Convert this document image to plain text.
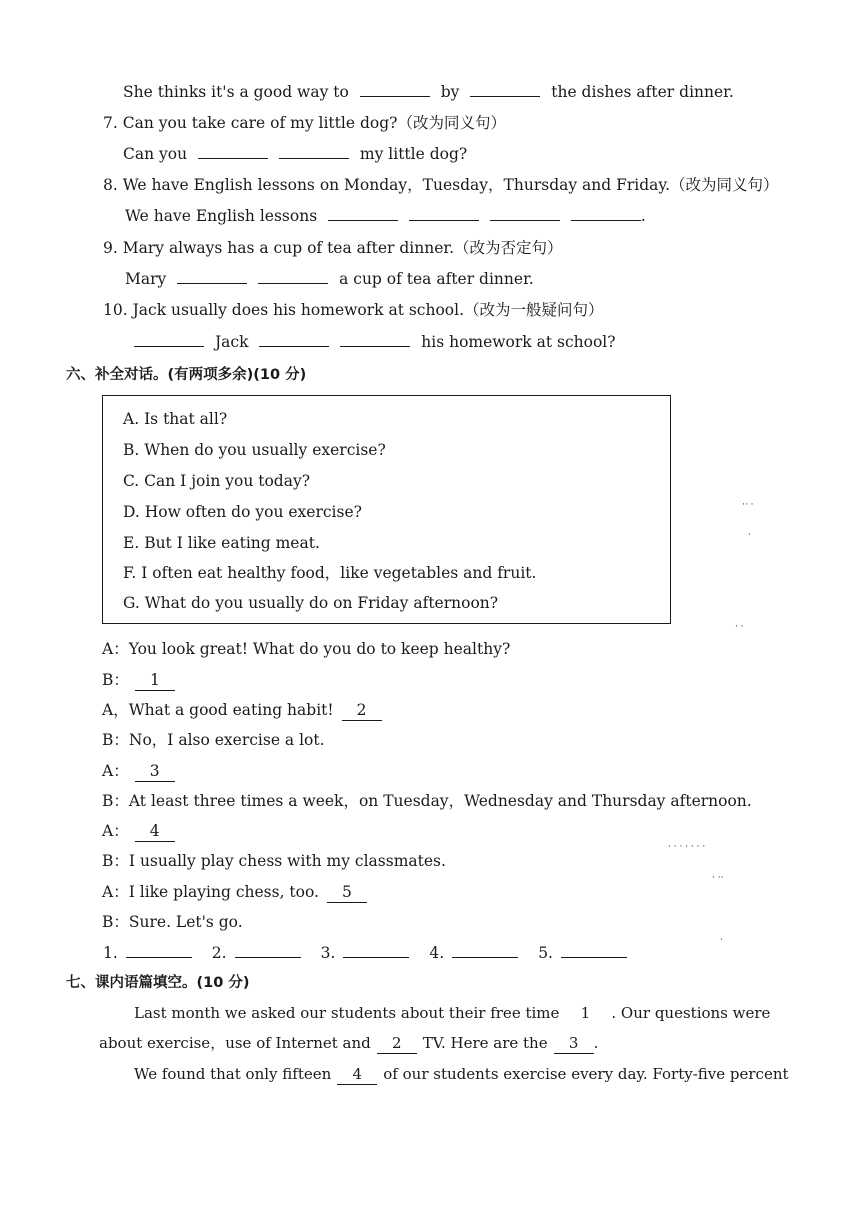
She thinks it's a good way to	by	the dishes after dinner.
7. Can you take care of my little dog?（改为同义句）
Can you	my little dog?
8. We have English lessons on Monday，Tuesday，Thursday and Friday.（改为同义句）
We have English lessons	.
9. Mary always has a cup of tea after dinner.（改为否定句）
Mary	a cup of tea after dinner.
10. Jack usually does his homework at school.（改为一般疑问句）
Jack	his homework at school?
六、补全对话。(有两项多余)(10 分)
A. Is that all?
B. When do you usually exercise?
C. Can I join you today?
D. How often do you exercise?
E. But I like eating meat.
F. I often eat healthy food，like vegetables and fruit.
G. What do you usually do on Friday afternoon?
A：You look great! What do you do to keep healthy?
B： 1
A，What a good eating habit! 2
B：No，I also exercise a lot.
A： 3
B：At least three times a week，on Tuesday，Wednesday and Thursday afternoon.
A： 4
B：I usually play chess with my classmates.
A：I like playing chess, too. 5
B：Sure. Let's go.
1.	2.	3.	4.	5.
七、课内语篇填空。(10 分)
Last month we asked our students about their free time 1 . Our questions were
about exercise，use of Internet and 2 TV. Here are the 3 .
We found that only fifteen 4 of our students exercise every day. Forty-five percent
·· ·
·
· ·
· · · · · · ·
· ··
·
